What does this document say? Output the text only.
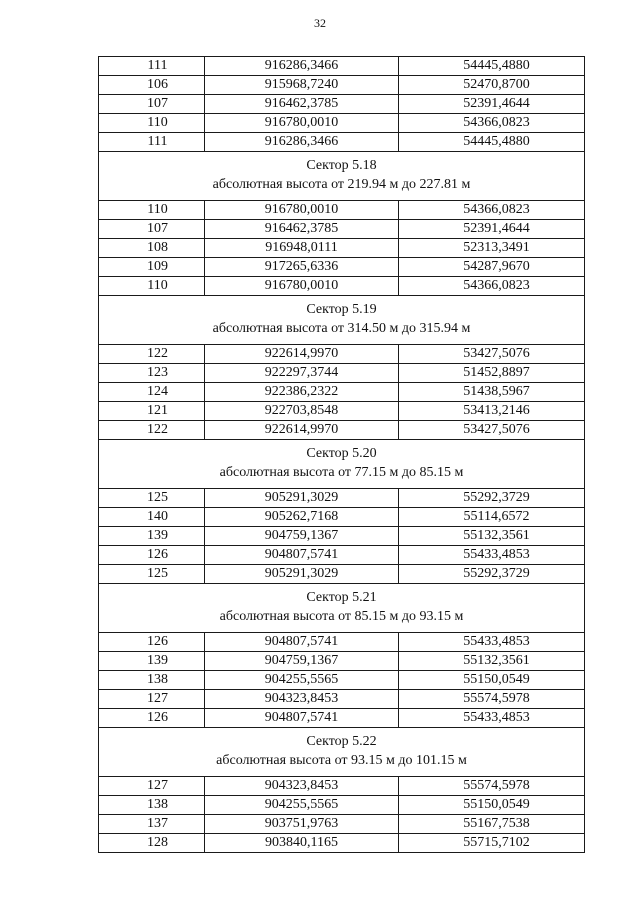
32
111	916286,3466	54445,4880
106	915968,7240	52470,8700
107	916462,3785	52391,4644
110	916780,0010	54366,0823
111	916286,3466	54445,4880

Сектор 5.18
абсолютная высота от 219.94 м до 227.81 м		

110	916780,0010	54366,0823
107	916462,3785	52391,4644
108	916948,0111	52313,3491
109	917265,6336	54287,9670
110	916780,0010	54366,0823

Сектор 5.19
абсолютная высота от 314.50 м до 315.94 м		

122	922614,9970	53427,5076
123	922297,3744	51452,8897
124	922386,2322	51438,5967
121	922703,8548	53413,2146
122	922614,9970	53427,5076

Сектор 5.20
абсолютная высота от 77.15 м до 85.15 м		

125	905291,3029	55292,3729
140	905262,7168	55114,6572
139	904759,1367	55132,3561
126	904807,5741	55433,4853
125	905291,3029	55292,3729

Сектор 5.21
абсолютная высота от 85.15 м до 93.15 м		

126	904807,5741	55433,4853
139	904759,1367	55132,3561
138	904255,5565	55150,0549
127	904323,8453	55574,5978
126	904807,5741	55433,4853

Сектор 5.22
абсолютная высота от 93.15 м до 101.15 м		

127	904323,8453	55574,5978
138	904255,5565	55150,0549
137	903751,9763	55167,7538
128	903840,1165	55715,7102
